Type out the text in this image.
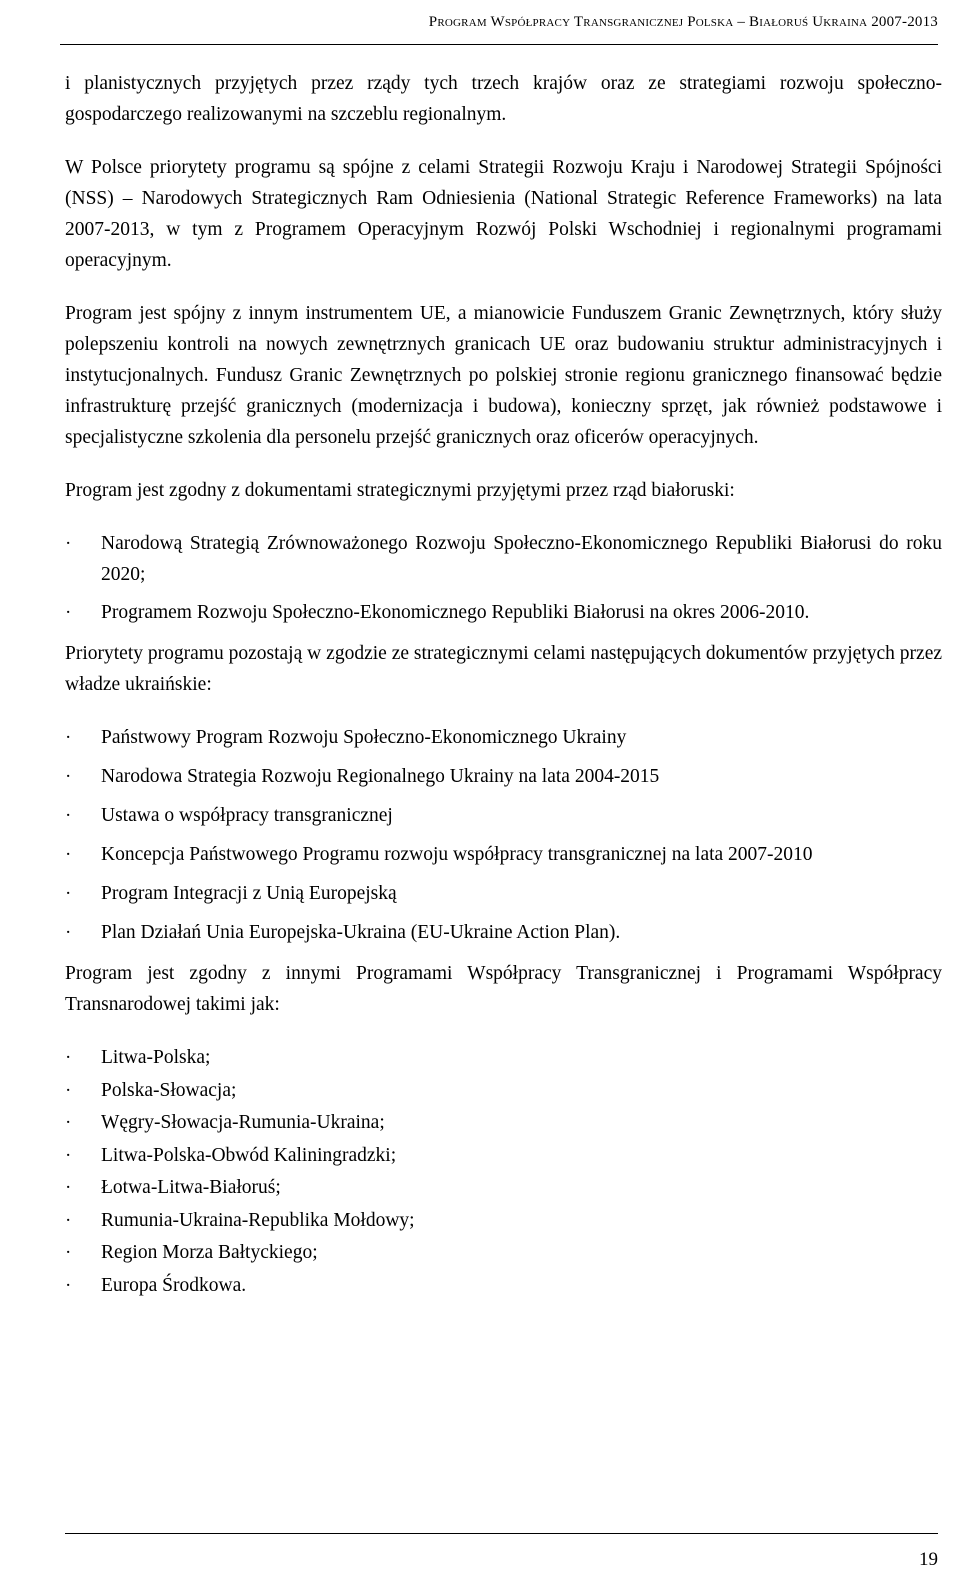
Program Współpracy Transgranicznej Polska – Białoruś Ukraina 2007-2013

i planistycznych przyjętych przez rządy tych trzech krajów oraz ze strategiami rozwoju społeczno-gospodarczego realizowanymi na szczeblu regionalnym.

W Polsce priorytety programu są spójne z celami Strategii Rozwoju Kraju i Narodowej Strategii Spójności (NSS) – Narodowych Strategicznych Ram Odniesienia (National Strategic Reference Frameworks) na lata 2007-2013, w tym z Programem Operacyjnym Rozwój Polski Wschodniej i regionalnymi programami operacyjnym.

Program jest spójny z innym instrumentem UE, a mianowicie Funduszem Granic Zewnętrznych, który służy polepszeniu kontroli na nowych zewnętrznych granicach UE oraz budowaniu struktur administracyjnych i instytucjonalnych. Fundusz Granic Zewnętrznych po polskiej stronie regionu granicznego finansować będzie infrastrukturę przejść granicznych (modernizacja i budowa), konieczny sprzęt, jak również podstawowe i specjalistyczne szkolenia dla personelu przejść granicznych oraz oficerów operacyjnych.

Program jest zgodny z dokumentami strategicznymi przyjętymi przez rząd białoruski:

· Narodową Strategią Zrównoważonego Rozwoju Społeczno-Ekonomicznego Republiki Białorusi do roku 2020;
· Programem Rozwoju Społeczno-Ekonomicznego Republiki Białorusi na okres 2006-2010.

Priorytety programu pozostają w zgodzie ze strategicznymi celami następujących dokumentów przyjętych przez władze ukraińskie:

· Państwowy Program Rozwoju Społeczno-Ekonomicznego Ukrainy
· Narodowa Strategia Rozwoju Regionalnego Ukrainy na lata 2004-2015
· Ustawa o współpracy transgranicznej
· Koncepcja Państwowego Programu rozwoju współpracy transgranicznej na lata 2007-2010
· Program Integracji z Unią Europejską
· Plan Działań Unia Europejska-Ukraina (EU-Ukraine Action Plan).

Program jest zgodny z innymi Programami Współpracy Transgranicznej i Programami Współpracy Transnarodowej takimi jak:

· Litwa-Polska;
· Polska-Słowacja;
· Węgry-Słowacja-Rumunia-Ukraina;
· Litwa-Polska-Obwód Kaliningradzki;
· Łotwa-Litwa-Białoruś;
· Rumunia-Ukraina-Republika Mołdowy;
· Region Morza Bałtyckiego;
· Europa Środkowa.
19
